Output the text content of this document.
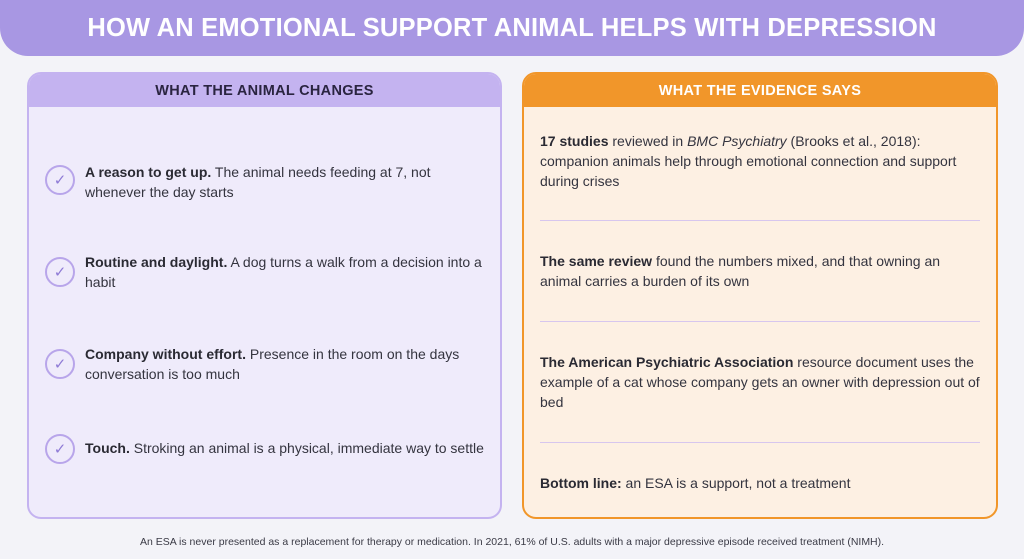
HOW AN EMOTIONAL SUPPORT ANIMAL HELPS WITH DEPRESSION
WHAT THE ANIMAL CHANGES
✓	A reason to get up. The animal needs feeding at 7, not whenever the day starts
✓
Routine and daylight. A dog turns a walk from a decision into a habit
✓
Company without effort. Presence in the room on the days conversation is too much
✓	Touch. Stroking an animal is a physical, immediate way to settle
WHAT THE EVIDENCE SAYS
17 studies reviewed in BMC Psychiatry (Brooks et al., 2018): companion animals help through emotional connection and support during crises
The same review found the numbers mixed, and that owning an animal carries a burden of its own
The American Psychiatric Association resource document uses the example of a cat whose company gets an owner with depression out of bed
Bottom line: an ESA is a support, not a treatment
An ESA is never presented as a replacement for therapy or medication. In 2021, 61% of U.S. adults with a major depressive episode received treatment (NIMH).
